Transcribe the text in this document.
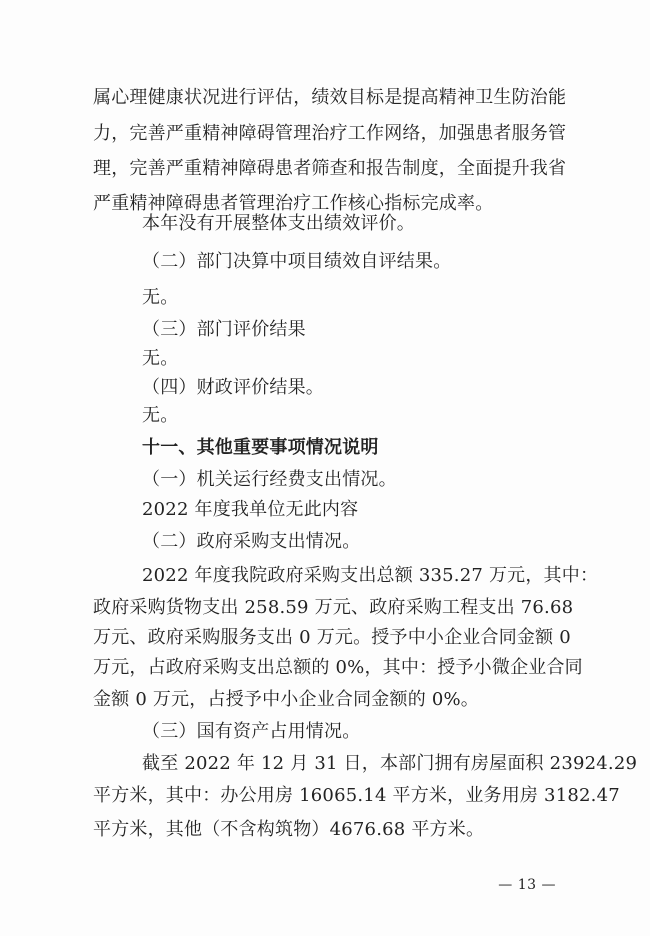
属心理健康状况进行评估，绩效目标是提高精神卫生防治能
力，完善严重精神障碍管理治疗工作网络，加强患者服务管
理，完善严重精神障碍患者筛查和报告制度，全面提升我省
严重精神障碍患者管理治疗工作核心指标完成率。
本年没有开展整体支出绩效评价。
（二）部门决算中项目绩效自评结果。
无。
（三）部门评价结果
无。
（四）财政评价结果。
无。
十一、其他重要事项情况说明
（一）机关运行经费支出情况。
2022 年度我单位无此内容
（二）政府采购支出情况。
2022 年度我院政府采购支出总额 335.27 万元，其中：
政府采购货物支出 258.59 万元、政府采购工程支出 76.68
万元、政府采购服务支出 0 万元。授予中小企业合同金额 0
万元，占政府采购支出总额的 0%，其中：授予小微企业合同
金额 0 万元，占授予中小企业合同金额的 0%。
（三）国有资产占用情况。
截至 2022 年 12 月 31 日，本部门拥有房屋面积 23924.29
平方米，其中：办公用房 16065.14 平方米，业务用房 3182.47
平方米，其他（不含构筑物）4676.68 平方米。
— 13 —
